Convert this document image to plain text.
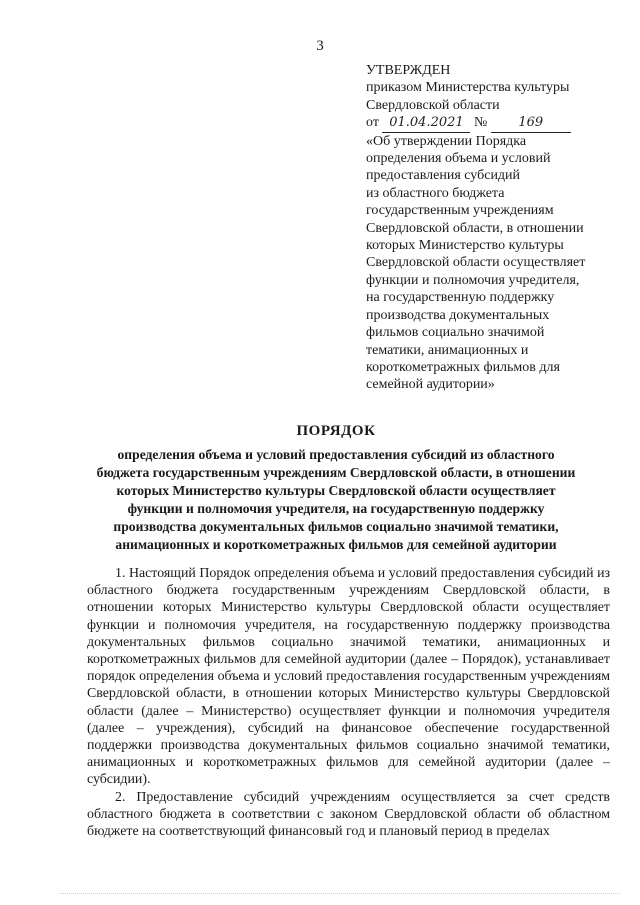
3
УТВЕРЖДЕН
приказом Министерства культуры
Свердловской области
от 01.04.2021 № 169
«Об утверждении Порядка
определения объема и условий
предоставления субсидий
из областного бюджета
государственным учреждениям
Свердловской области, в отношении
которых Министерство культуры
Свердловской области осуществляет
функции и полномочия учредителя,
на государственную поддержку
производства документальных
фильмов социально значимой
тематики, анимационных и
короткометражных фильмов для
семейной аудитории»
ПОРЯДОК
определения объема и условий предоставления субсидий из областного
бюджета государственным учреждениям Свердловской области, в отношении
которых Министерство культуры Свердловской области осуществляет
функции и полномочия учредителя, на государственную поддержку
производства документальных фильмов социально значимой тематики,
анимационных и короткометражных фильмов для семейной аудитории

1. Настоящий Порядок определения объема и условий предоставления субсидий из областного бюджета государственным учреждениям Свердловской области, в отношении которых Министерство культуры Свердловской области осуществляет функции и полномочия учредителя, на государственную поддержку производства документальных фильмов социально значимой тематики, анимационных и короткометражных фильмов для семейной аудитории (далее – Порядок), устанавливает порядок определения объема и условий предоставления государственным учреждениям Свердловской области, в отношении которых Министерство культуры Свердловской области (далее – Министерство) осуществляет функции и полномочия учредителя (далее – учреждения), субсидий на финансовое обеспечение государственной поддержки производства документальных фильмов социально значимой тематики, анимационных и короткометражных фильмов для семейной аудитории (далее – субсидии).

2. Предоставление субсидий учреждениям осуществляется за счет средств областного бюджета в соответствии с законом Свердловской области об областном бюджете на соответствующий финансовый год и плановый период в пределах
